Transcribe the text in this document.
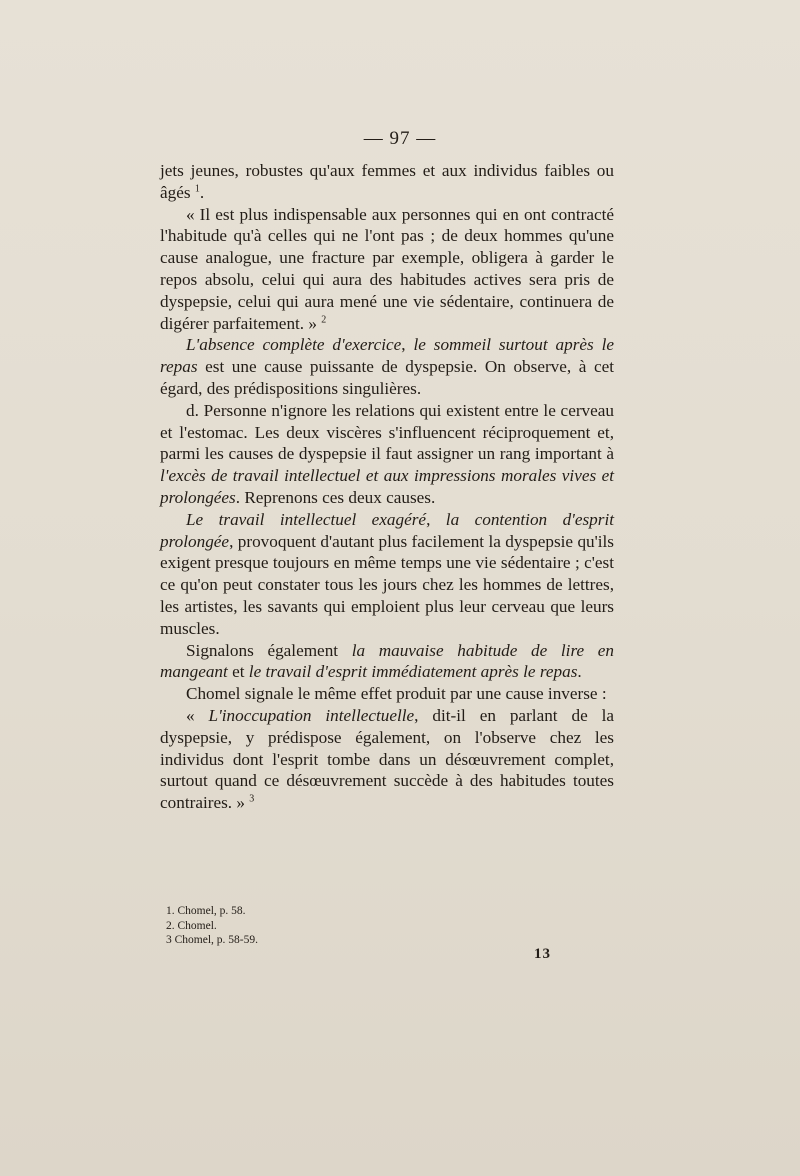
— 97 —

jets jeunes, robustes qu'aux femmes et aux individus faibles ou âgés $^1$.

« Il est plus indispensable aux personnes qui en ont contracté l'habitude qu'à celles qui ne l'ont pas ; de deux hommes qu'une cause analogue, une fracture par exemple, obligera à garder le repos absolu, celui qui aura des habitudes actives sera pris de dyspepsie, celui qui aura mené une vie sédentaire, continuera de digérer parfaitement. » $^2$

L'absence complète d'exercice, le sommeil surtout après le repas est une cause puissante de dyspepsie. On observe, à cet égard, des prédispositions singulières.

d. Personne n'ignore les relations qui existent entre le cerveau et l'estomac. Les deux viscères s'influencent réciproquement et, parmi les causes de dyspepsie il faut assigner un rang important à l'excès de travail intellectuel et aux impressions morales vives et prolongées. Reprenons ces deux causes.

Le travail intellectuel exagéré, la contention d'esprit prolongée, provoquent d'autant plus facilement la dyspepsie qu'ils exigent presque toujours en même temps une vie sédentaire ; c'est ce qu'on peut constater tous les jours chez les hommes de lettres, les artistes, les savants qui emploient plus leur cerveau que leurs muscles.

Signalons également la mauvaise habitude de lire en mangeant et le travail d'esprit immédiatement après le repas.

Chomel signale le même effet produit par une cause inverse :

« L'inoccupation intellectuelle, dit-il en parlant de la dyspepsie, y prédispose également, on l'observe chez les individus dont l'esprit tombe dans un désœuvrement complet, surtout quand ce désœuvrement succède à des habitudes toutes contraires. » $^3$

1. Chomel, p. 58.
2. Chomel.
3 Chomel, p. 58-59.
13
